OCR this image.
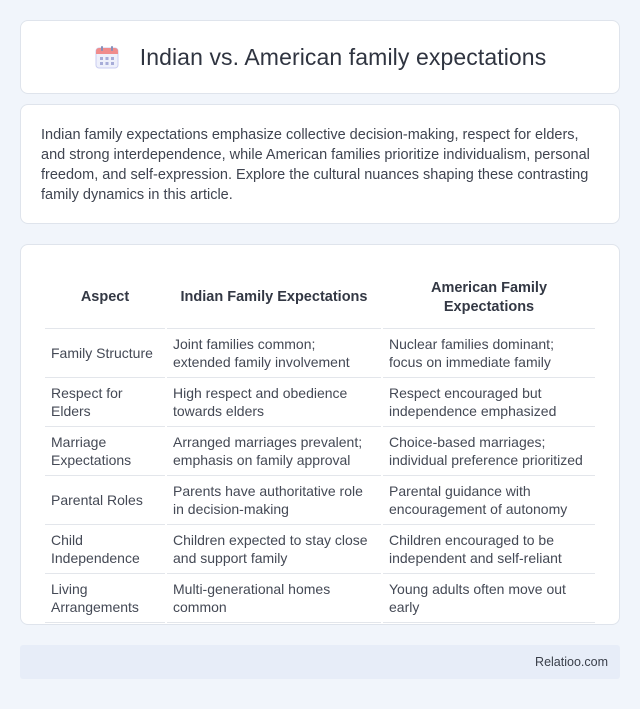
Indian vs. American family expectations

Indian family expectations emphasize collective decision-making, respect for elders, and strong interdependence, while American families prioritize individualism, personal freedom, and self-expression. Explore the cultural nuances shaping these contrasting family dynamics in this article.

Aspect	Indian Family Expectations	American Family Expectations
Family Structure	Joint families common; extended family involvement	Nuclear families dominant; focus on immediate family
Respect for Elders	High respect and obedience towards elders	Respect encouraged but independence emphasized
Marriage Expectations	Arranged marriages prevalent; emphasis on family approval	Choice-based marriages; individual preference prioritized
Parental Roles	Parents have authoritative role in decision-making	Parental guidance with encouragement of autonomy
Child Independence	Children expected to stay close and support family	Children encouraged to be independent and self-reliant
Living Arrangements	Multi-generational homes common	Young adults often move out early
Relatioo.com
